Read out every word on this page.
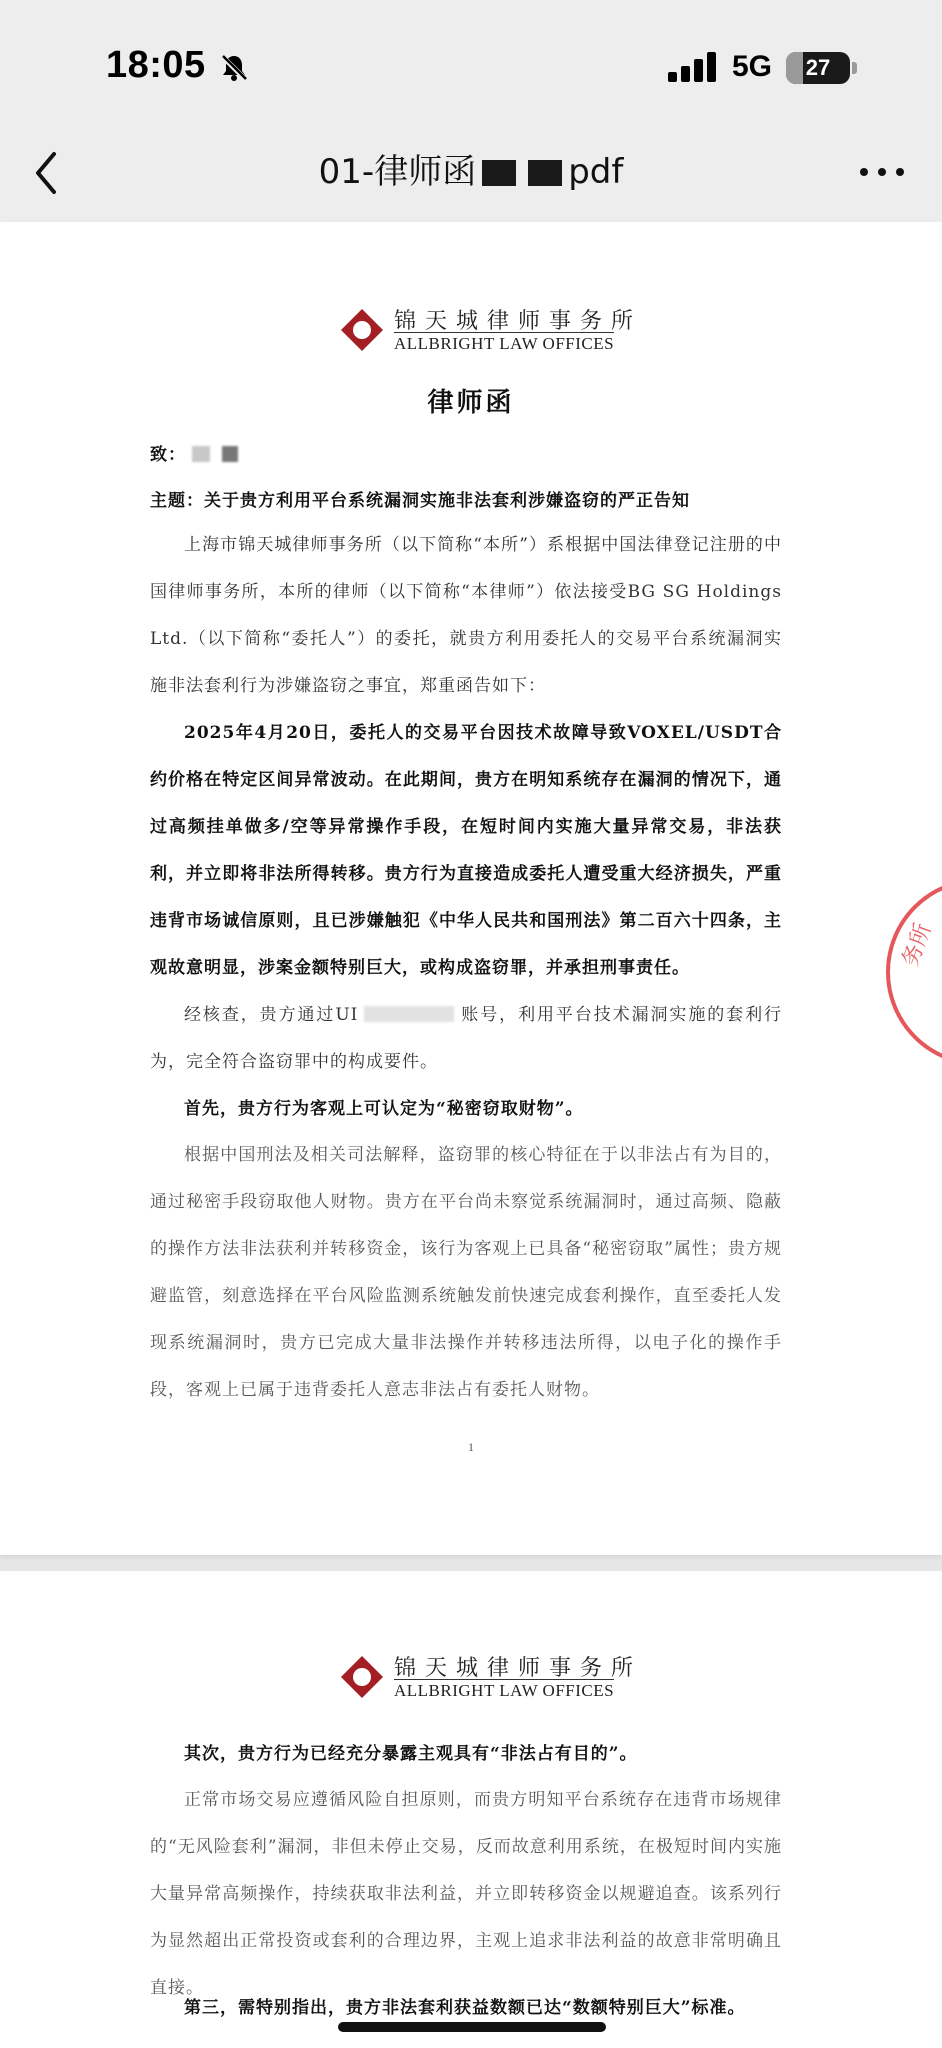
18:05	5G	27
01-律师函	pdf
锦天城律师事务所
ALLBRIGHT LAW OFFICES
律师函
致：
主题：关于贵方利用平台系统漏洞实施非法套利涉嫌盗窃的严正告知
上海市锦天城律师事务所（以下简称“本所”）系根据中国法律登记注册的中国律师事务所，本所的律师（以下简称“本律师”）依法接受BG SG Holdings Ltd.（以下简称“委托人”）的委托，就贵方利用委托人的交易平台系统漏洞实施非法套利行为涉嫌盗窃之事宜，郑重函告如下：
2025年4月20日，委托人的交易平台因技术故障导致VOXEL/USDT合约价格在特定区间异常波动。在此期间，贵方在明知系统存在漏洞的情况下，通过高频挂单做多/空等异常操作手段，在短时间内实施大量异常交易，非法获利，并立即将非法所得转移。贵方行为直接造成委托人遭受重大经济损失，严重违背市场诚信原则，且已涉嫌触犯《中华人民共和国刑法》第二百六十四条，主观故意明显，涉案金额特别巨大，或构成盗窃罪，并承担刑事责任。
经核查，贵方通过UI	账号，利用平台技术漏洞实施的套利行为，完全符合盗窃罪中的构成要件。
首先，贵方行为客观上可认定为“秘密窃取财物”。
根据中国刑法及相关司法解释，盗窃罪的核心特征在于以非法占有为目的，通过秘密手段窃取他人财物。贵方在平台尚未察觉系统漏洞时，通过高频、隐蔽的操作方法非法获利并转移资金，该行为客观上已具备“秘密窃取”属性；贵方规避监管，刻意选择在平台风险监测系统触发前快速完成套利操作，直至委托人发现系统漏洞时，贵方已完成大量非法操作并转移违法所得，以电子化的操作手段，客观上已属于违背委托人意志非法占有委托人财物。
1
务所
锦天城律师事务所
ALLBRIGHT LAW OFFICES
其次，贵方行为已经充分暴露主观具有“非法占有目的”。
正常市场交易应遵循风险自担原则，而贵方明知平台系统存在违背市场规律的“无风险套利”漏洞，非但未停止交易，反而故意利用系统，在极短时间内实施大量异常高频操作，持续获取非法利益，并立即转移资金以规避追查。该系列行为显然超出正常投资或套利的合理边界，主观上追求非法利益的故意非常明确且直接。
第三，需特别指出，贵方非法套利获益数额已达“数额特别巨大”标准。
